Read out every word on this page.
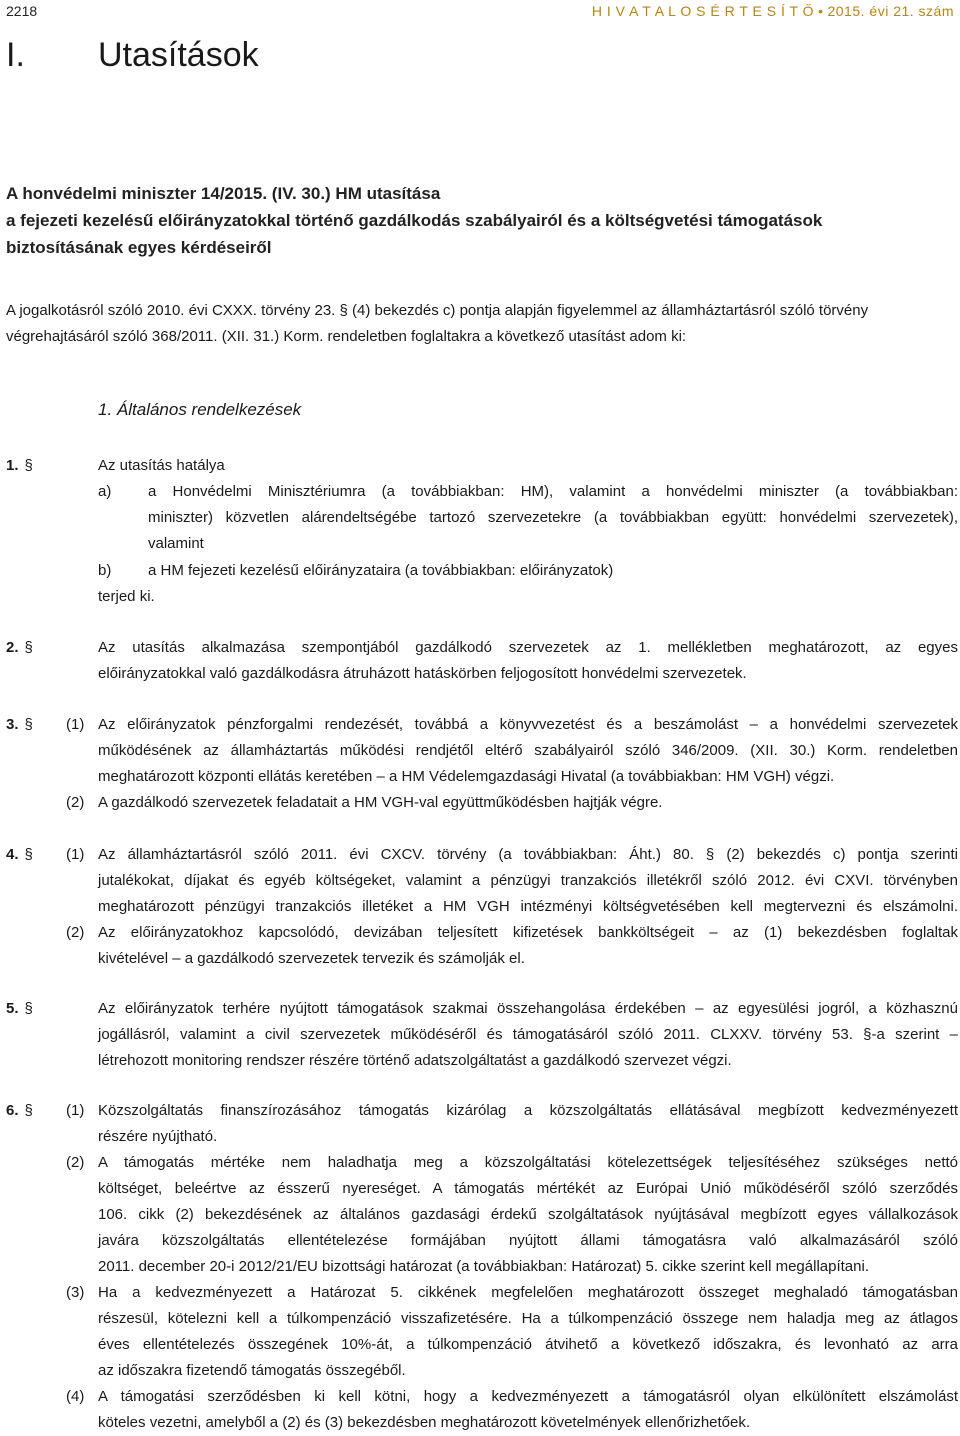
2218	H I V A T A L O S É R T E S Í T Ő • 2015. évi 21. szám
I. Utasítások
A honvédelmi miniszter 14/2015. (IV. 30.) HM utasítása
a fejezeti kezelésű előirányzatokkal történő gazdálkodás szabályairól és a költségvetési támogatások
biztosításának egyes kérdéseiről
A jogalkotásról szóló 2010. évi CXXX. törvény 23. § (4) bekezdés c) pontja alapján figyelemmel az államháztartásról szóló törvény
végrehajtásáról szóló 368/2011. (XII. 31.) Korm. rendeletben foglaltakra a következő utasítást adom ki:
1. Általános rendelkezések
1. §	Az utasítás hatálya
a) a Honvédelmi Minisztériumra (a továbbiakban: HM), valamint a honvédelmi miniszter (a továbbiakban:
miniszter) közvetlen alárendeltségébe tartozó szervezetekre (a továbbiakban együtt: honvédelmi szervezetek),
valamint
b) a HM fejezeti kezelésű előirányzataira (a továbbiakban: előirányzatok)
terjed ki.
2. §	Az utasítás alkalmazása szempontjából gazdálkodó szervezetek az 1. mellékletben meghatározott, az egyes
előirányzatokkal való gazdálkodásra átruházott hatáskörben feljogosított honvédelmi szervezetek.
3. § (1) Az előirányzatok pénzforgalmi rendezését, továbbá a könyvvezetést és a beszámolást – a honvédelmi szervezetek
működésének az államháztartás működési rendjétől eltérő szabályairól szóló 346/2009. (XII. 30.) Korm. rendeletben
meghatározott központi ellátás keretében – a HM Védelemgazdasági Hivatal (a továbbiakban: HM VGH) végzi.
(2) A gazdálkodó szervezetek feladatait a HM VGH-val együttműködésben hajtják végre.
4. § (1) Az államháztartásról szóló 2011. évi CXCV. törvény (a továbbiakban: Áht.) 80. § (2) bekezdés c) pontja szerinti
jutalékokat, díjakat és egyéb költségeket, valamint a pénzügyi tranzakciós illetékről szóló 2012. évi CXVI. törvényben
meghatározott pénzügyi tranzakciós illetéket a HM VGH intézményi költségvetésében kell megtervezni és elszámolni.
(2) Az előirányzatokhoz kapcsolódó, devizában teljesített kifizetések bankköltségeit – az (1) bekezdésben foglaltak
kivételével – a gazdálkodó szervezetek tervezik és számolják el.
5. §	Az előirányzatok terhére nyújtott támogatások szakmai összehangolása érdekében – az egyesülési jogról, a közhasznú
jogállásról, valamint a civil szervezetek működéséről és támogatásáról szóló 2011. CLXXV. törvény 53. §-a szerint –
létrehozott monitoring rendszer részére történő adatszolgáltatást a gazdálkodó szervezet végzi.
6. § (1) Közszolgáltatás finanszírozásához támogatás kizárólag a közszolgáltatás ellátásával megbízott kedvezményezett
részére nyújtható.
(2) A támogatás mértéke nem haladhatja meg a közszolgáltatási kötelezettségek teljesítéséhez szükséges nettó
költséget, beleértve az ésszerű nyereséget. A támogatás mértékét az Európai Unió működéséről szóló szerződés
106. cikk (2) bekezdésének az általános gazdasági érdekű szolgáltatások nyújtásával megbízott egyes vállalkozások
javára közszolgáltatás ellentételezése formájában nyújtott állami támogatásra való alkalmazásáról szóló
2011. december 20-i 2012/21/EU bizottsági határozat (a továbbiakban: Határozat) 5. cikke szerint kell megállapítani.
(3) Ha a kedvezményezett a Határozat 5. cikkének megfelelően meghatározott összeget meghaladó támogatásban
részesül, kötelezni kell a túlkompenzáció visszafizetésére. Ha a túlkompenzáció összege nem haladja meg az átlagos
éves ellentételezés összegének 10%-át, a túlkompenzáció átvihető a következő időszakra, és levonható az arra
az időszakra fizetendő támogatás összegéből.
(4) A támogatási szerződésben ki kell kötni, hogy a kedvezményezett a támogatásról olyan elkülönített elszámolást
köteles vezetni, amelyből a (2) és (3) bekezdésben meghatározott követelmények ellenőrizhetőek.
